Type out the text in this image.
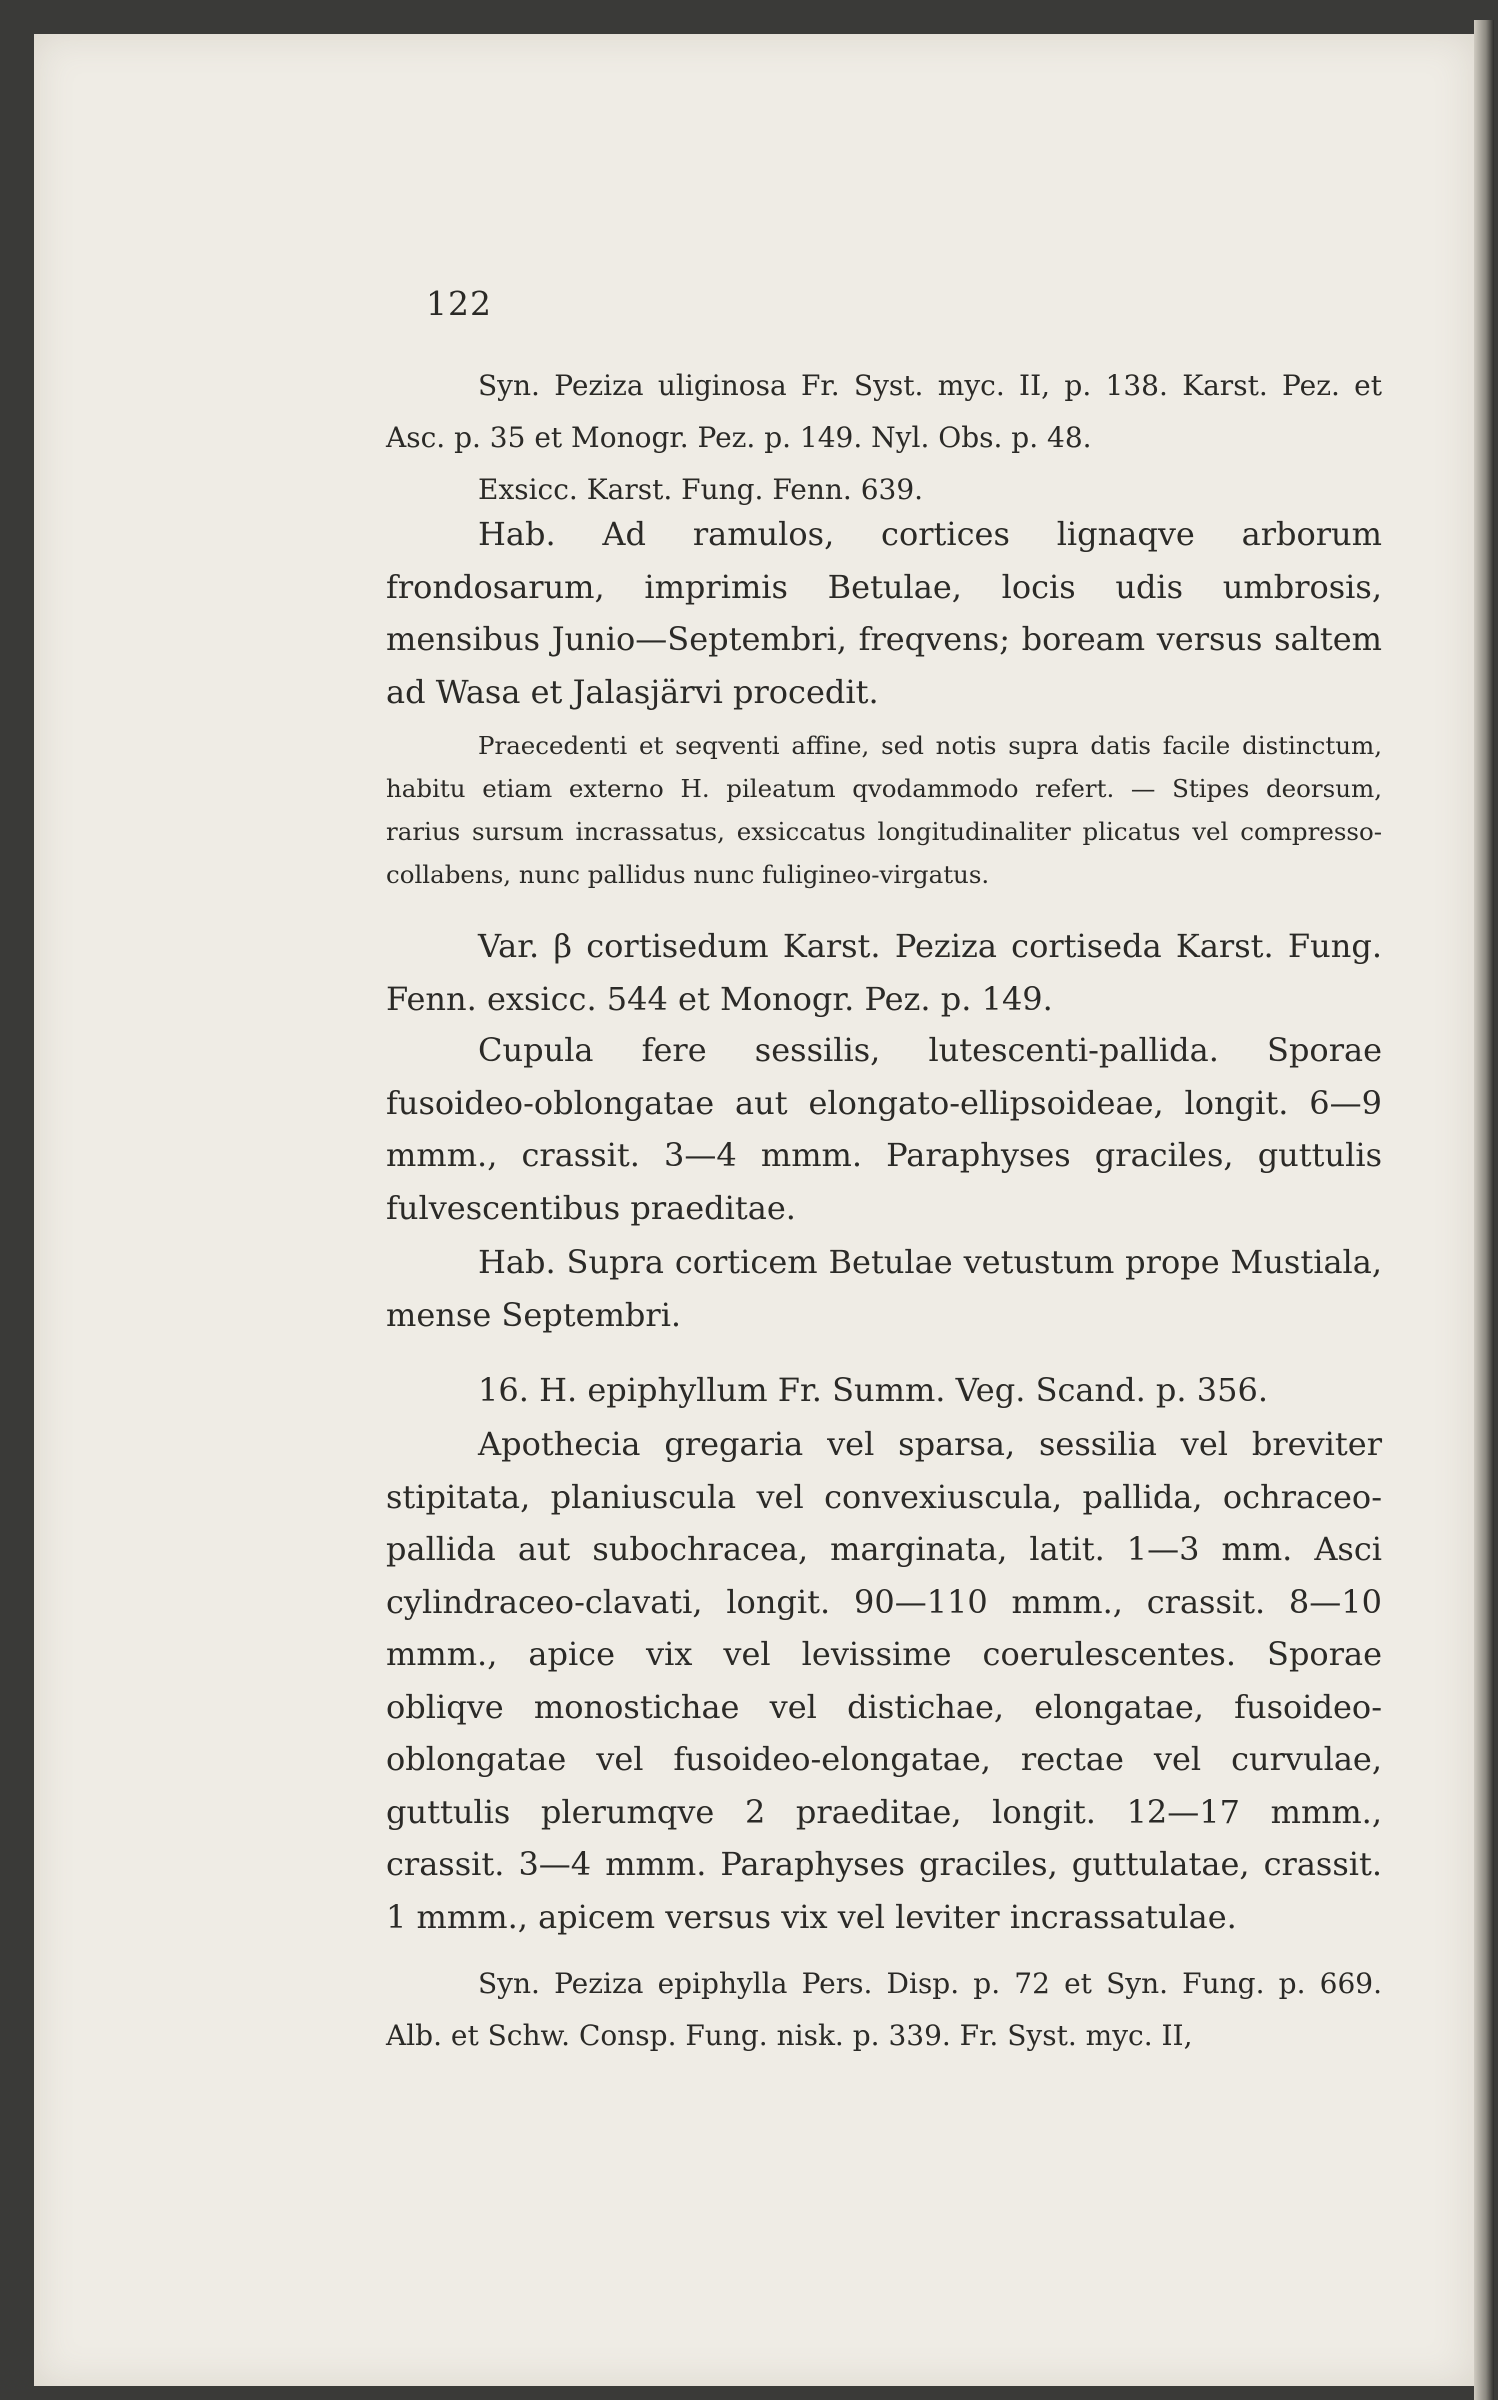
122

Syn. Peziza uliginosa Fr. Syst. myc. II, p. 138. Karst. Pez. et Asc. p. 35 et Monogr. Pez. p. 149. Nyl. Obs. p. 48.

Exsicc. Karst. Fung. Fenn. 639.

Hab. Ad ramulos, cortices lignaqve arborum frondosarum, imprimis Betulae, locis udis umbrosis, mensibus Junio—Septembri, freqvens; boream versus saltem ad Wasa et Jalasjärvi procedit.

Praecedenti et seqventi affine, sed notis supra datis facile distinctum, habitu etiam externo H. pileatum qvodammodo refert. — Stipes deorsum, rarius sursum incrassatus, exsiccatus longitudinaliter plicatus vel compresso-collabens, nunc pallidus nunc fuligineo-virgatus.

Var. β cortisedum Karst. Peziza cortiseda Karst. Fung. Fenn. exsicc. 544 et Monogr. Pez. p. 149.

Cupula fere sessilis, lutescenti-pallida. Sporae fusoideo-oblongatae aut elongato-ellipsoideae, longit. 6—9 mmm., crassit. 3—4 mmm. Paraphyses graciles, guttulis fulvescentibus praeditae.

Hab. Supra corticem Betulae vetustum prope Mustiala, mense Septembri.

16. H. epiphyllum Fr. Summ. Veg. Scand. p. 356.

Apothecia gregaria vel sparsa, sessilia vel breviter stipitata, planiuscula vel convexiuscula, pallida, ochraceo-pallida aut subochracea, marginata, latit. 1—3 mm. Asci cylindraceo-clavati, longit. 90—110 mmm., crassit. 8—10 mmm., apice vix vel levissime coerulescentes. Sporae obliqve monostichae vel distichae, elongatae, fusoideo-oblongatae vel fusoideo-elongatae, rectae vel curvulae, guttulis plerumqve 2 praeditae, longit. 12—17 mmm., crassit. 3—4 mmm. Paraphyses graciles, guttulatae, crassit. 1 mmm., apicem versus vix vel leviter incrassatulae.

Syn. Peziza epiphylla Pers. Disp. p. 72 et Syn. Fung. p. 669. Alb. et Schw. Consp. Fung. nisk. p. 339. Fr. Syst. myc. II,
